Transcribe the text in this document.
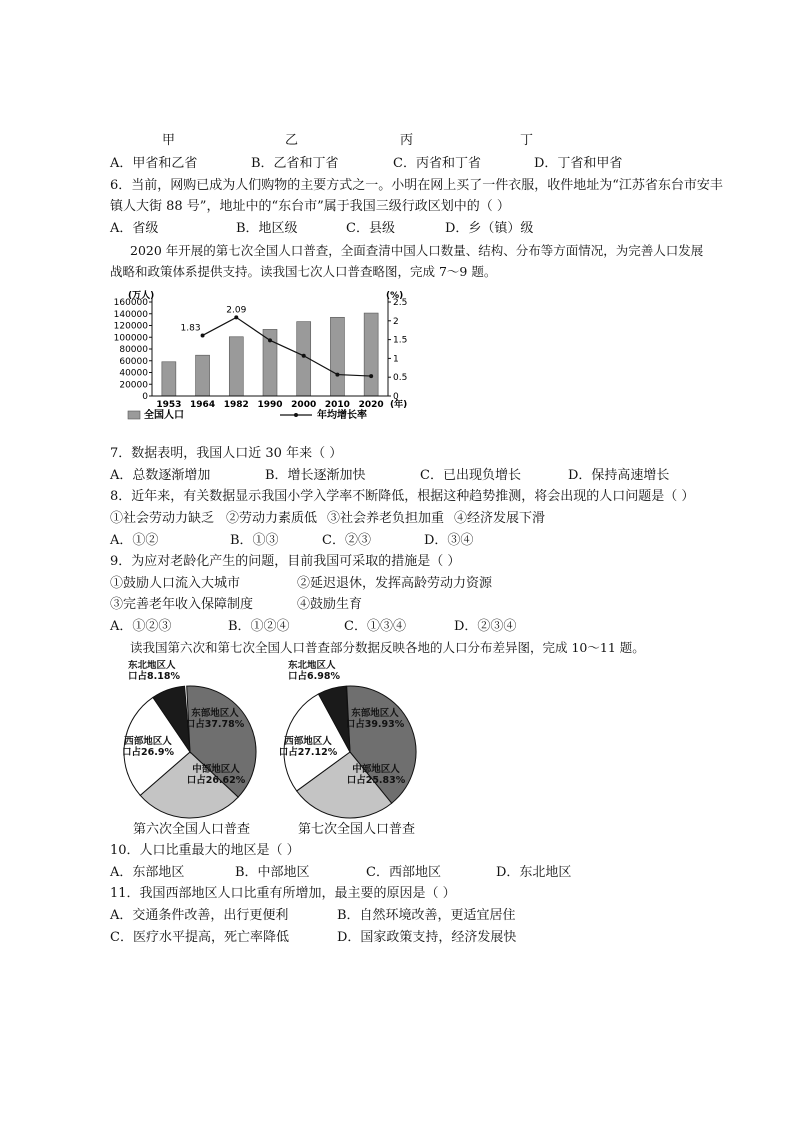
甲	乙	丙	丁
A．甲省和乙省	B．乙省和丁省	C．丙省和丁省	D．丁省和甲省
6．当前，网购已成为人们购物的主要方式之一。小明在网上买了一件衣服，收件地址为“江苏省东台市安丰
镇人大街 88 号”，地址中的“东台市”属于我国三级行政区划中的（ ）
A．省级	B．地区级	C．县级	D．乡（镇）级
2020 年开展的第七次全国人口普查，全面查清中国人口数量、结构、分布等方面情况，为完善人口发展
战略和政策体系提供支持。读我国七次人口普查略图，完成 7～9 题。
0
20000
40000
60000
80000
100000
120000
140000
160000
0
0.5
1
1.5
2
2.5
(万人)	(%)
1953 1964 1982 1990 2000 2010 2020 (年)
1.83
2.09
全国人口	年均增长率
7．数据表明，我国人口近 30 年来（ ）
A．总数逐渐增加	B．增长逐渐加快	C．已出现负增长	D．保持高速增长
8．近年来，有关数据显示我国小学入学率不断降低，根据这种趋势推测，将会出现的人口问题是（ ）
①社会劳动力缺乏 ②劳动力素质低 ③社会养老负担加重 ④经济发展下滑
A．①②	B．①③	C．②③	D．③④
9．为应对老龄化产生的问题，目前我国可采取的措施是（ ）
①鼓励人口流入大城市	②延迟退休，发挥高龄劳动力资源
③完善老年收入保障制度	④鼓励生育
A．①②③	B．①②④	C．①③④	D．②③④
读我国第六次和第七次全国人口普查部分数据反映各地的人口分布差异图，完成 10～11 题。
东部地区人
口占37.78%
中部地区人
口占26.62%
西部地区人
口占26.9%
东北地区人
口占8.18%
东部地区人
口占39.93%
中部地区人
口占25.83%
西部地区人
口占27.12%
东北地区人
口占6.98%
第六次全国人口普查	第七次全国人口普查
10．人口比重最大的地区是（ ）
A．东部地区	B．中部地区	C．西部地区	D．东北地区
11．我国西部地区人口比重有所增加，最主要的原因是（ ）
A．交通条件改善，出行更便利	B．自然环境改善，更适宜居住
C．医疗水平提高，死亡率降低	D．国家政策支持，经济发展快
